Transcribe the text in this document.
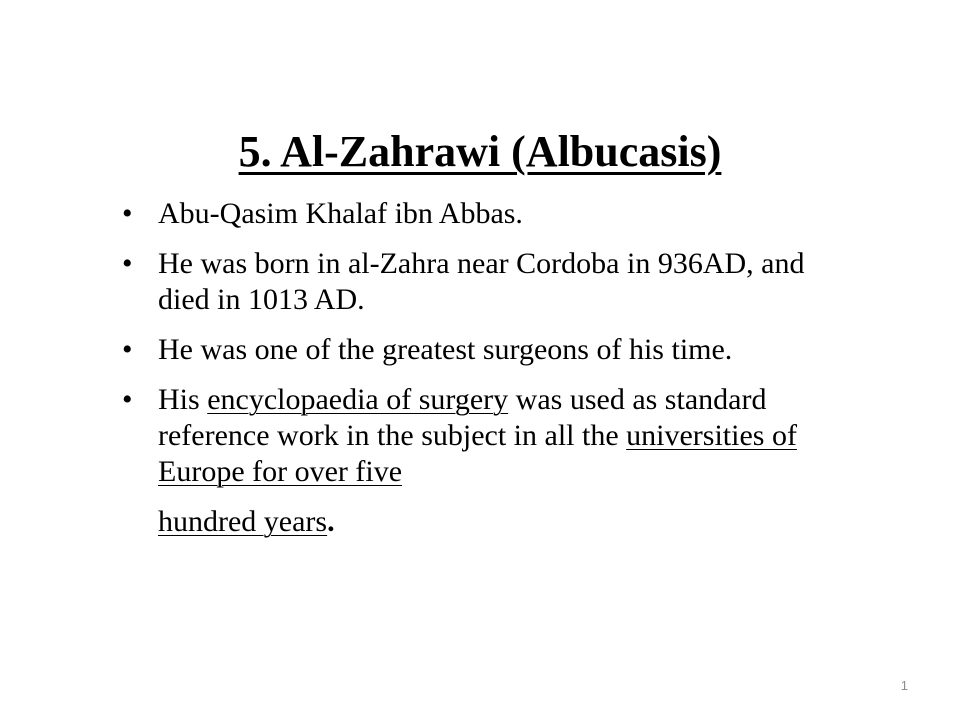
5. Al-Zahrawi (Albucasis)
• Abu-Qasim Khalaf ibn Abbas.
• He was born in al-Zahra near Cordoba in 936AD, and died in 1013 AD.
• He was one of the greatest surgeons of his time.
• His encyclopaedia of surgery was used as standard reference work in the subject in all the universities of Europe for over five
hundred years.
1
